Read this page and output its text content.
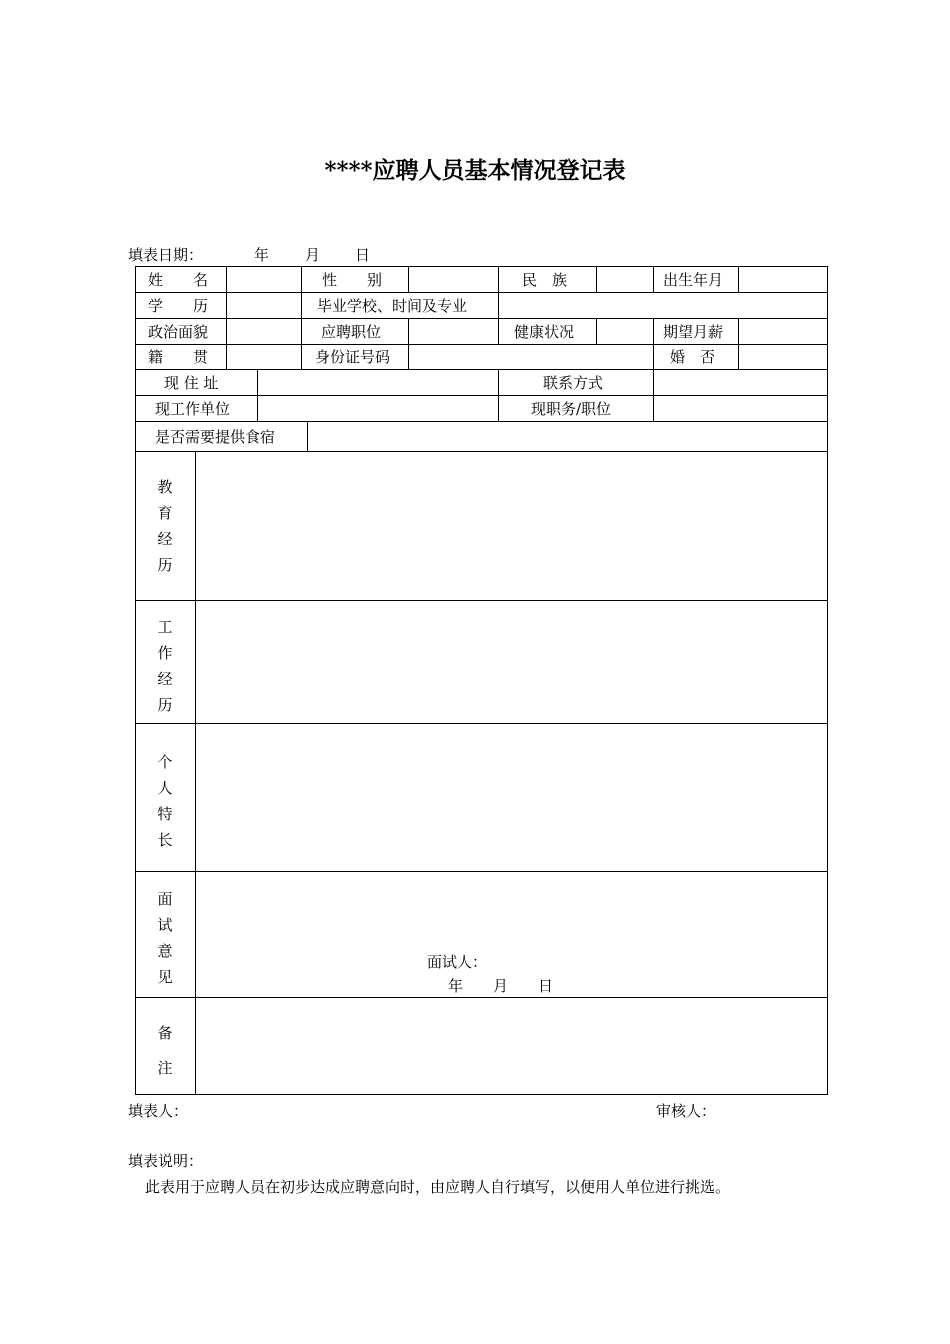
****应聘人员基本情况登记表
填表日期：	年 月 日
姓　　名	性　　别	民　族	出生年月
学　　历	毕业学校、时间及专业
政治面貌	应聘职位	健康状况	期望月薪
籍　　贯	身份证号码	婚　否
现 住 址	联系方式
现工作单位	现职务/职位
是否需要提供食宿
教
育
经
历
工
作
经
历
个
人
特
长
面
试
意
见
备
注
面试人：
年　　月　　日
填表人：	审核人：
填表说明：
此表用于应聘人员在初步达成应聘意向时，由应聘人自行填写，以便用人单位进行挑选。
